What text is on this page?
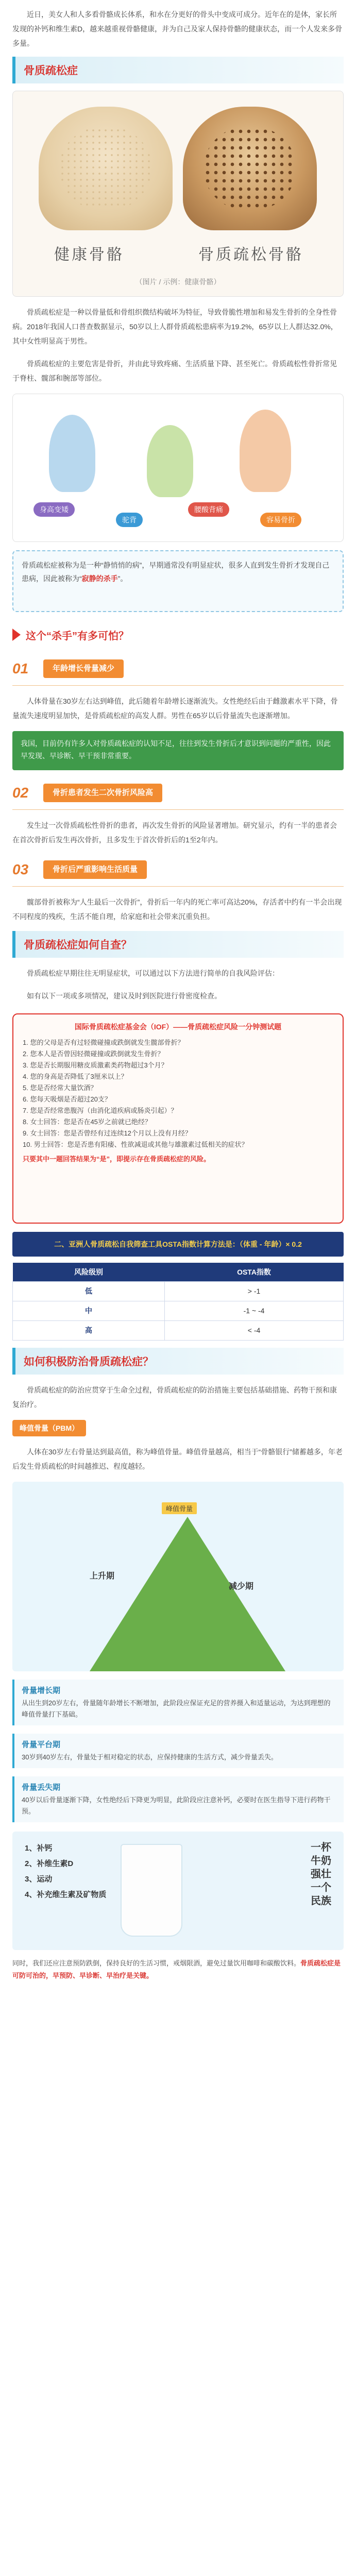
近日，美女人和人多看骨骼成长体系，和水在分更好的骨头中变成可成分。近年在的是体，家长所发现的补钙和维生素D，越来越重视骨骼健康，并为自己及家人保持骨骼的健康状态，而一个人发来多骨多量。
骨质疏松症
健康骨骼	骨质疏松骨骼
（图片 / 示例：健康骨骼）

骨质疏松症是一种以骨量低和骨组织微结构破坏为特征，导致骨脆性增加和易发生骨折的全身性骨病。2018年我国人口普查数据显示，50岁以上人群骨质疏松患病率为19.2%，65岁以上人群达32.0%，其中女性明显高于男性。

骨质疏松症的主要危害是骨折，并由此导致疼痛、生活质量下降、甚至死亡。骨质疏松性骨折常见于脊柱、髋部和腕部等部位。

身高变矮
驼背
腰酸背痛
容易骨折
骨质疏松症被称为是一种“静悄悄的病”，早期通常没有明显症状，很多人直到发生骨折才发现自己患病，因此被称为“寂静的杀手”。
这个“杀手”有多可怕？
01	年龄增长骨量减少

人体骨量在30岁左右达到峰值，此后随着年龄增长逐渐流失。女性绝经后由于雌激素水平下降，骨量流失速度明显加快，是骨质疏松症的高发人群。男性在65岁以后骨量流失也逐渐增加。

我国，目前仍有许多人对骨质疏松症的认知不足，往往到发生骨折后才意识到问题的严重性，因此早发现、早诊断、早干预非常重要。
02	骨折患者发生二次骨折风险高

发生过一次骨质疏松性骨折的患者，再次发生骨折的风险显著增加。研究显示，约有一半的患者会在首次骨折后发生再次骨折，且多发生于首次骨折后的1至2年内。

03	骨折后严重影响生活质量

髋部骨折被称为“人生最后一次骨折”，骨折后一年内的死亡率可高达20%，存活者中约有一半会出现不同程度的残疾，生活不能自理，给家庭和社会带来沉重负担。

骨质疏松症如何自查？

骨质疏松症早期往往无明显症状，可以通过以下方法进行简单的自我风险评估：

如有以下一项或多项情况，建议及时到医院进行骨密度检查。

国际骨质疏松症基金会（IOF）——骨质疏松症风险一分钟测试题
1. 您的父母是否有过轻微碰撞或跌倒就发生髋部骨折？
2. 您本人是否曾因轻微碰撞或跌倒就发生骨折？
3. 您是否长期服用糖皮质激素类药物超过3个月？
4. 您的身高是否降低了3厘米以上？
5. 您是否经常大量饮酒？
6. 您每天吸烟是否超过20支？
7. 您是否经常患腹泻（由消化道疾病或肠炎引起）？
8. 女士回答：您是否在45岁之前就已绝经？
9. 女士回答：您是否曾经有过连续12个月以上没有月经？
10. 男士回答：您是否患有阳痿、性欲减退或其他与雄激素过低相关的症状？
只要其中一题回答结果为“是”，即提示存在骨质疏松症的风险。
二、亚洲人骨质疏松自我筛查工具OSTA指数计算方法是：（体重 - 年龄）× 0.2
风险级别	OSTA指数
低	> -1
中	-1 ~ -4
高	< -4
如何积极防治骨质疏松症？

骨质疏松症的防治应贯穿于生命全过程，骨质疏松症的防治措施主要包括基础措施、药物干预和康复治疗。

峰值骨量（PBM）

人体在30岁左右骨量达到最高值，称为峰值骨量。峰值骨量越高，相当于“骨骼银行”储蓄越多，年老后发生骨质疏松的时间越推迟、程度越轻。

峰值骨量
上升期
减少期
骨量增长期
从出生到20岁左右，骨量随年龄增长不断增加，此阶段应保证充足的营养摄入和适量运动，为达到理想的峰值骨量打下基础。
骨量平台期
30岁到40岁左右，骨量处于相对稳定的状态，应保持健康的生活方式，减少骨量丢失。
骨量丢失期
40岁以后骨量逐渐下降，女性绝经后下降更为明显，此阶段应注意补钙，必要时在医生指导下进行药物干预。
1、补钙
2、补维生素D
3、运动
4、补充维生素及矿物质
一杯牛奶强壮一个民族
同时，我们还应注意预防跌倒，保持良好的生活习惯，戒烟限酒，避免过量饮用咖啡和碳酸饮料。骨质疏松症是可防可治的，早预防、早诊断、早治疗是关键。
